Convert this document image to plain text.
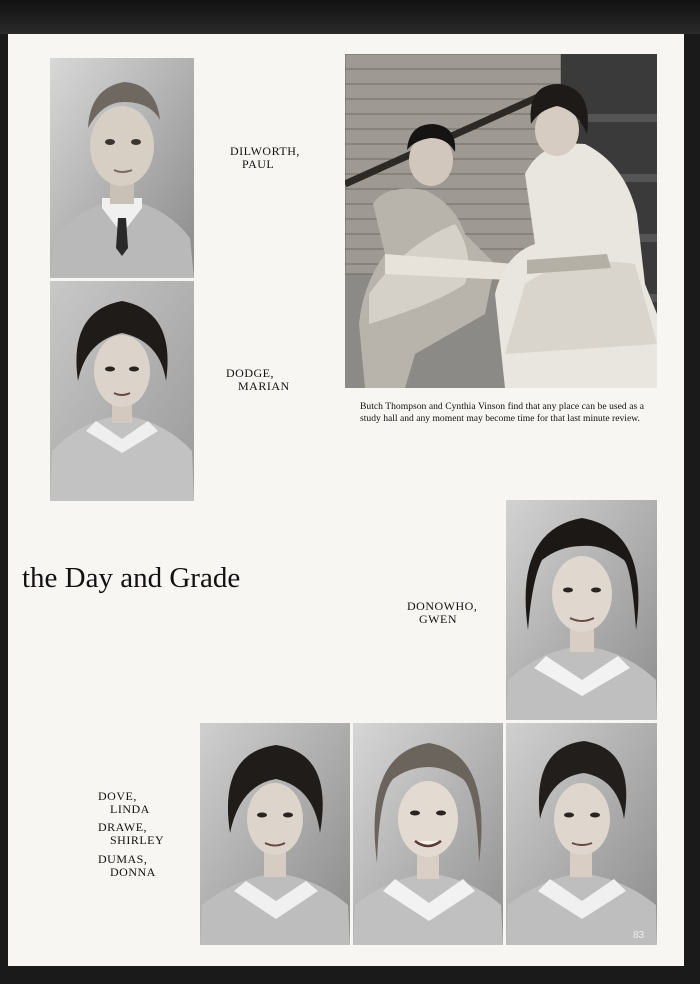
DILWORTH,
PAUL
DODGE,
MARIAN
Butch Thompson and Cynthia Vinson find that any place can be used as a study hall and any moment may become time for that last minute review.
the Day and Grade
DONOWHO,
GWEN
DOVE,
LINDA
DRAWE,
SHIRLEY
DUMAS,
DONNA
83
